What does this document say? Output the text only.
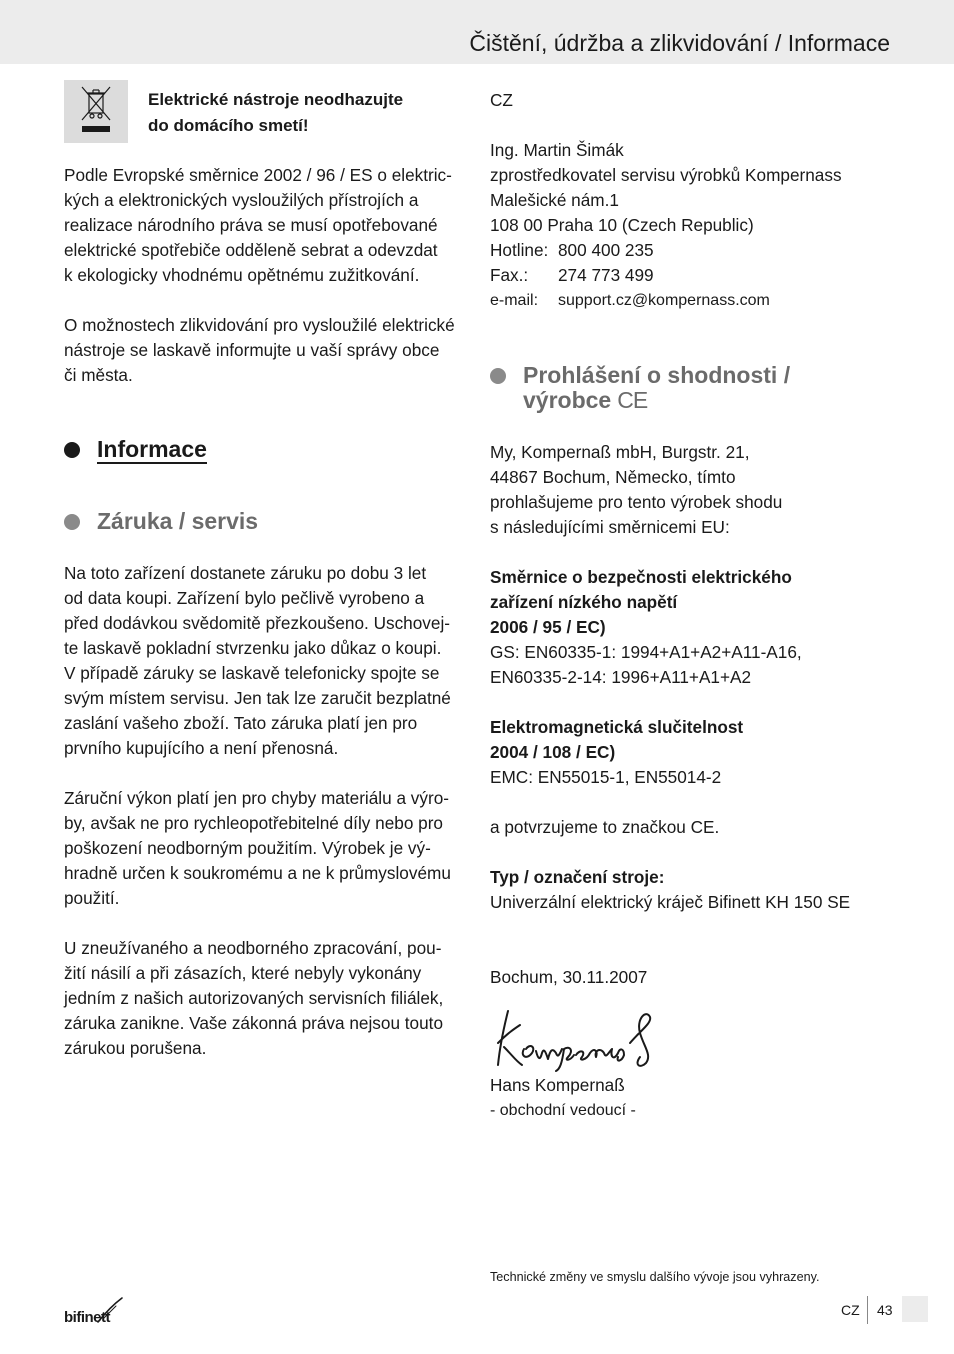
Čištění, údržba a zlikvidování / Informace
Elektrické nástroje neodhazujte
do domácího smetí!

Podle Evropské směrnice 2002 / 96 / ES o elektric-
kých a elektronických vysloužilých přístrojích a
realizace národního práva se musí opotřebované
elektrické spotřebiče odděleně sebrat a odevzdat
k ekologicky vhodnému opětnému zužitkování.

O možnostech zlikvidování pro vysloužilé elektrické
nástroje se laskavě informujte u vaší správy obce
či města.

Informace
Záruka / servis

Na toto zařízení dostanete záruku po dobu 3 let
od data koupi. Zařízení bylo pečlivě vyrobeno a
před dodávkou svědomitě přezkoušeno. Uschovej-
te laskavě pokladní stvrzenku jako důkaz o koupi.
V případě záruky se laskavě telefonicky spojte se
svým místem servisu. Jen tak lze zaručit bezplatné
zaslání vašeho zboží. Tato záruka platí jen pro
prvního kupujícího a není přenosná.

Záruční výkon platí jen pro chyby materiálu a výro-
by, avšak ne pro rychleopotřebitelné díly nebo pro
poškození neodborným použitím. Výrobek je vý-
hradně určen k soukromému a ne k průmyslovému
použití.

U zneužívaného a neodborného zpracování, pou-
žití násilí a při zásazích, které nebyly vykonány
jedním z našich autorizovaných servisních filiálek,
záruka zanikne. Vaše zákonná práva nejsou touto
zárukou porušena.

CZ
Ing. Martin Šimák
zprostředkovatel servisu výrobků Kompernass
Malešické nám.1
108 00 Praha 10 (Czech Republic)
Hotline: 800 400 235
Fax.:	274 773 499
e-mail:	support.cz@kompernass.com
Prohlášení o shodnosti /
výrobce CE

My, Kompernaß mbH, Burgstr. 21,
44867 Bochum, Německo, tímto
prohlašujeme pro tento výrobek shodu
s následujícími směrnicemi EU:

Směrnice o bezpečnosti elektrického
zařízení nízkého napětí
2006 / 95 / EC)
GS: EN60335-1: 1994+A1+A2+A11-A16,
EN60335-2-14: 1996+A11+A1+A2

Elektromagnetická slučitelnost
2004 / 108 / EC)
EMC: EN55015-1, EN55014-2

a potvrzujeme to značkou CE.

Typ / označení stroje:
Univerzální elektrický kráječ Bifinett KH 150 SE

Bochum, 30.11.2007

Hans Kompernaß
- obchodní vedoucí -

Technické změny ve smyslu dalšího vývoje jsou vyhrazeny.
bifinett	CZ 43
